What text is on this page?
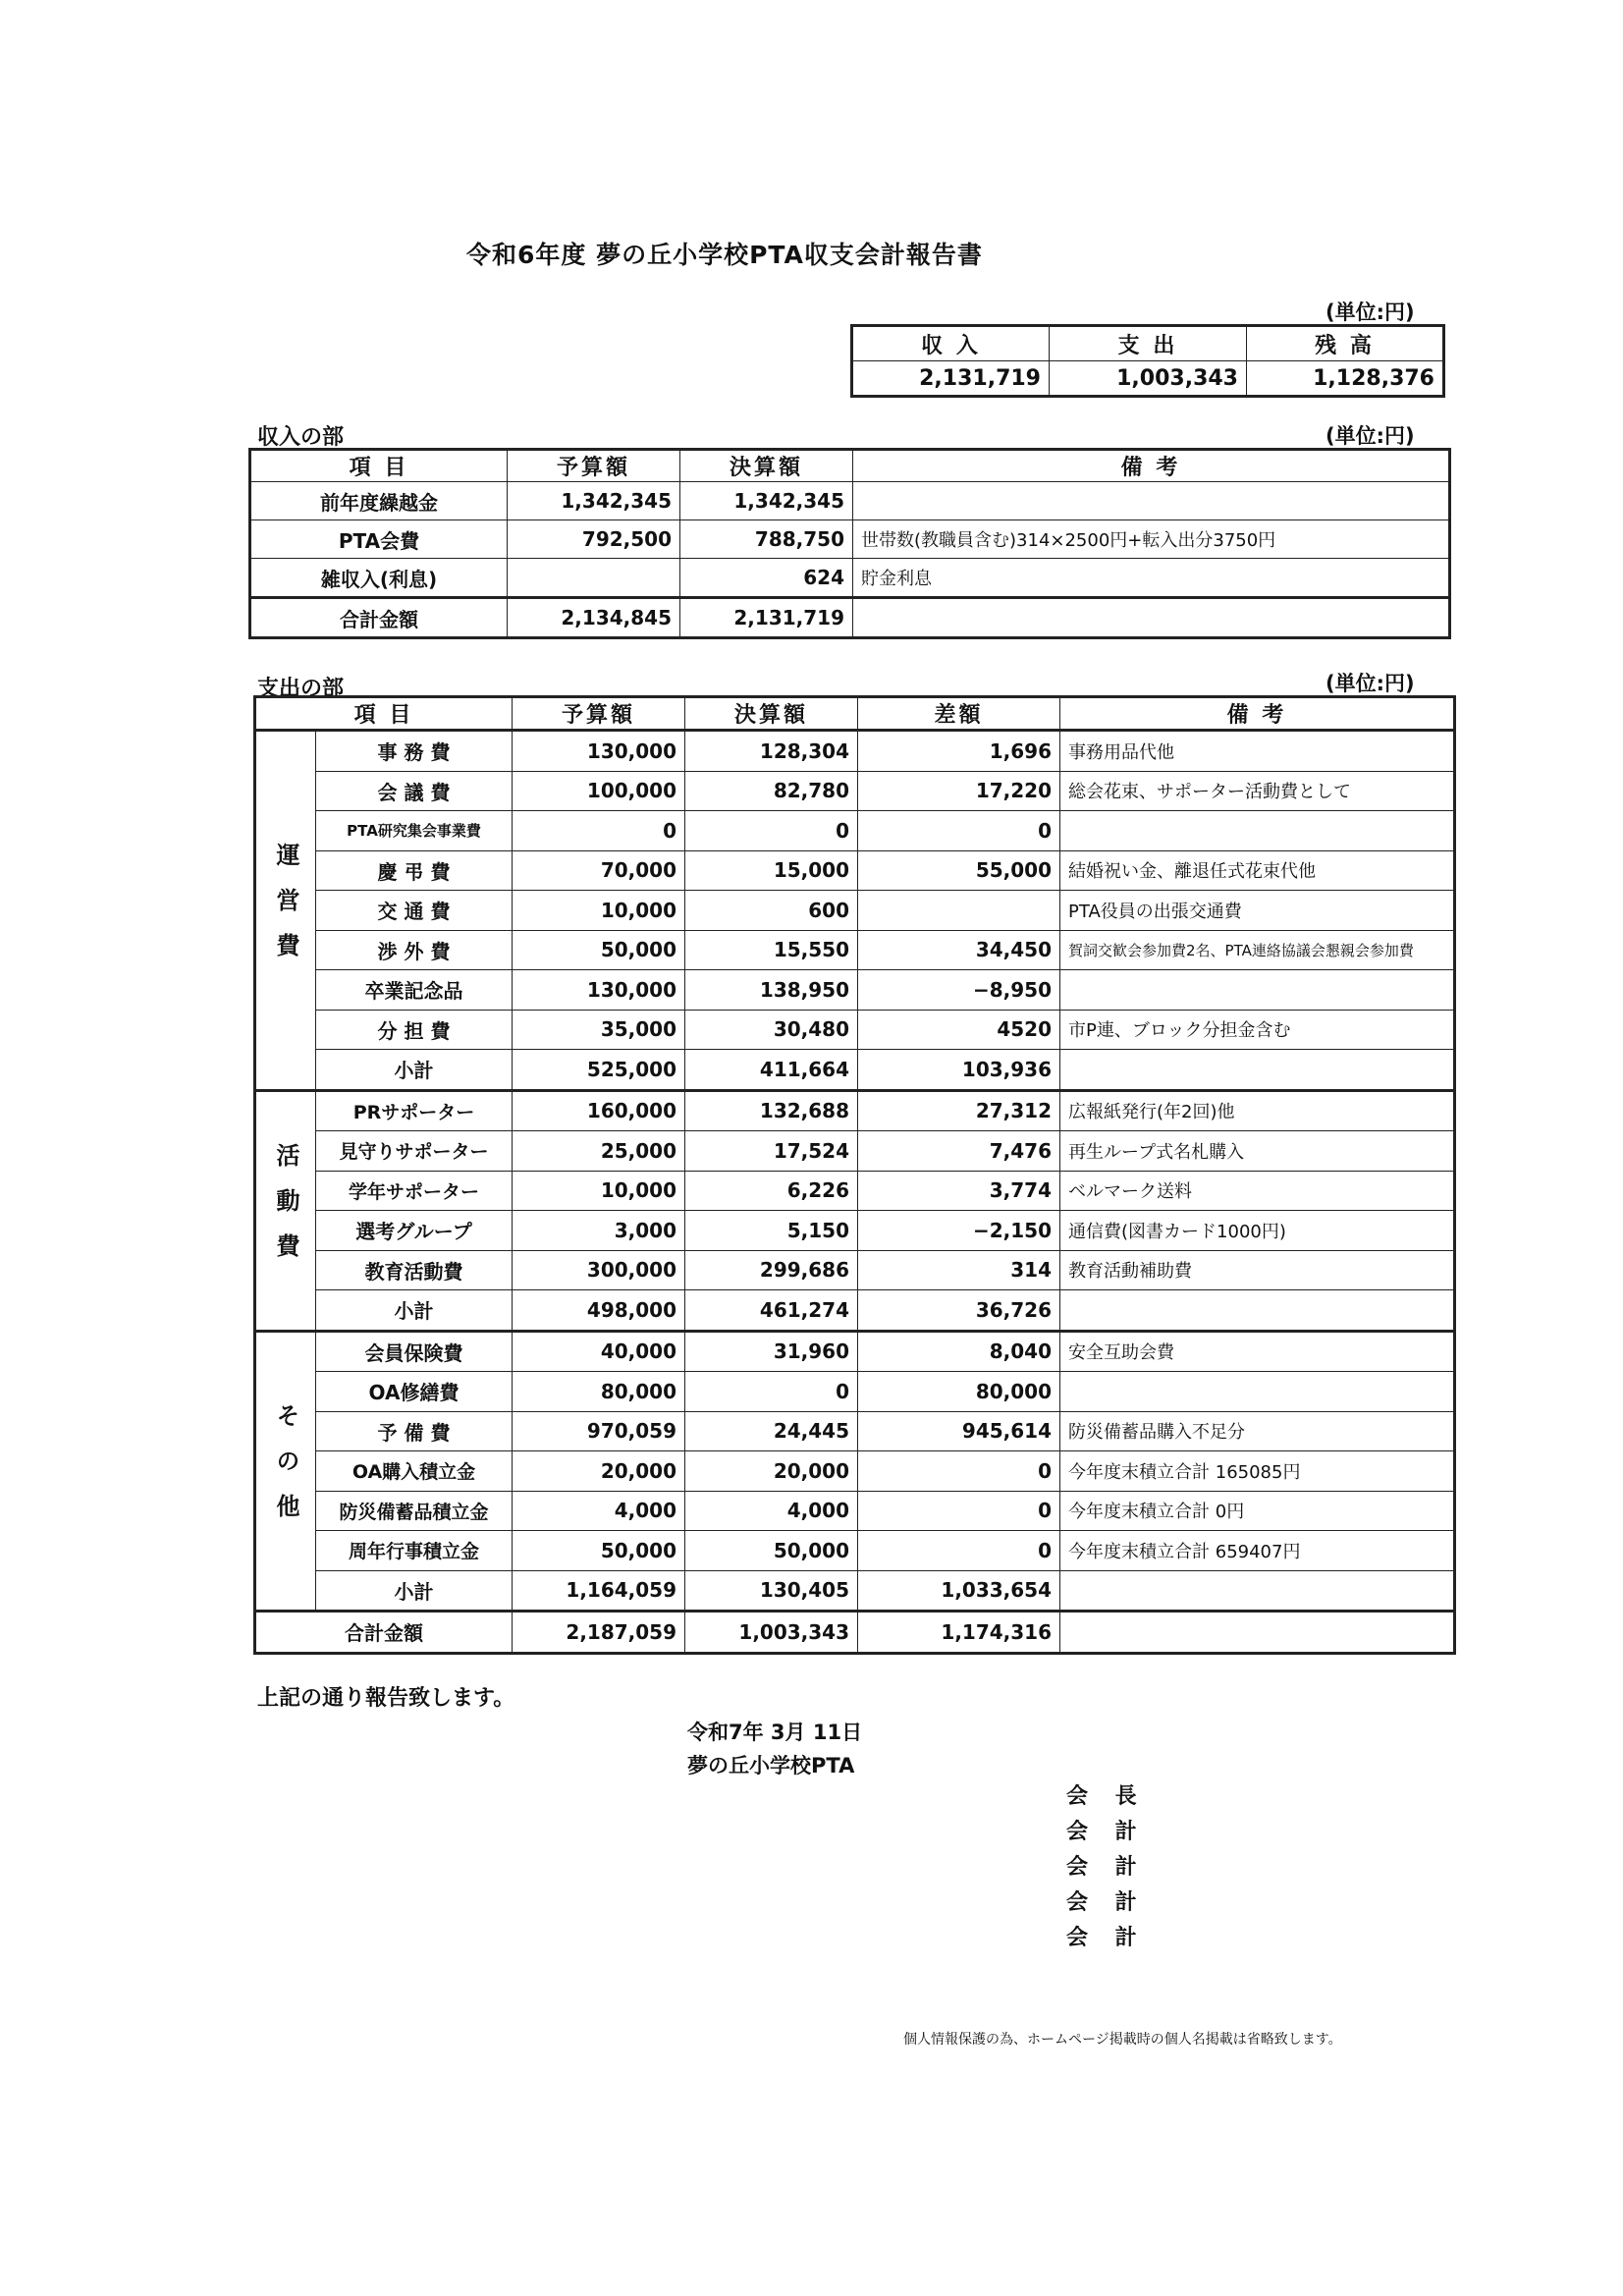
令和6年度 夢の丘小学校PTA収支会計報告書
(単位:円)
収 入	支 出	残 高
2,131,719	1,003,343	1,128,376
収入の部	(単位:円)
項 目	予算額	決算額	備 考
前年度繰越金	1,342,345	1,342,345	
PTA会費	792,500	788,750	世帯数(教職員含む)314×2500円+転入出分3750円
雑収入(利息)		624	貯金利息
合計金額	2,134,845	2,131,719	
支出の部	(単位:円)
項 目		予算額	決算額	差額	備 考
運営費	事 務 費	130,000	128,304	1,696	事務用品代他
	会 議 費	100,000	82,780	17,220	総会花束、サポーター活動費として
	PTA研究集会事業費	0	0	0	
	慶 弔 費	70,000	15,000	55,000	結婚祝い金、離退任式花束代他
	交 通 費	10,000	600		PTA役員の出張交通費
	渉 外 費	50,000	15,550	34,450	賀詞交歓会参加費2名、PTA連絡協議会懇親会参加費
	卒業記念品	130,000	138,950	−8,950	
	分 担 費	35,000	30,480	4520	市P連、ブロック分担金含む
	小計	525,000	411,664	103,936	
活動費	PRサポーター	160,000	132,688	27,312	広報紙発行(年2回)他
	見守りサポーター	25,000	17,524	7,476	再生ループ式名札購入
	学年サポーター	10,000	6,226	3,774	ベルマーク送料
	選考グループ	3,000	5,150	−2,150	通信費(図書カード1000円)
	教育活動費	300,000	299,686	314	教育活動補助費
	小計	498,000	461,274	36,726	
その他	会員保険費	40,000	31,960	8,040	安全互助会費
	OA修繕費	80,000	0	80,000	
	予 備 費	970,059	24,445	945,614	防災備蓄品購入不足分
	OA購入積立金	20,000	20,000	0	今年度末積立合計 165085円
	防災備蓄品積立金	4,000	4,000	0	今年度末積立合計 0円
	周年行事積立金	50,000	50,000	0	今年度末積立合計 659407円
	小計	1,164,059	130,405	1,033,654	
合計金額		2,187,059	1,003,343	1,174,316	
上記の通り報告致します。
令和7年 3月 11日
夢の丘小学校PTA
会 長
会 計
会 計
会 計
会 計
個人情報保護の為、ホームページ掲載時の個人名掲載は省略致します。
